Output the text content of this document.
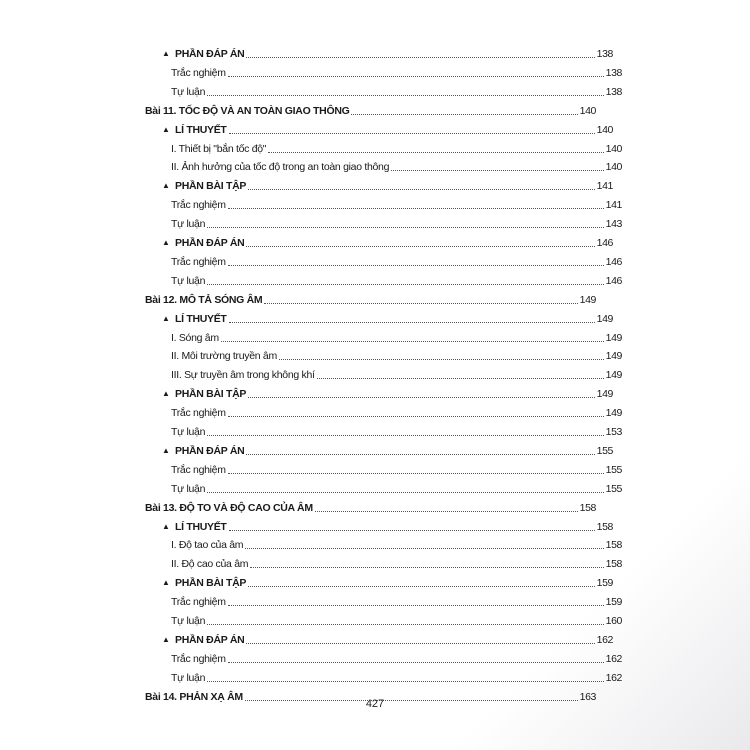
▲ PHẦN ĐÁP ÁN	138
Trắc nghiệm	138
Tự luận	138
Bài 11. TỐC ĐỘ VÀ AN TOÀN GIAO THÔNG	140
▲ LÍ THUYẾT	140
I. Thiết bị "bắn tốc độ"	140
II. Ảnh hưởng của tốc độ trong an toàn giao thông	140
▲ PHẦN BÀI TẬP	141
Trắc nghiệm	141
Tự luận	143
▲ PHẦN ĐÁP ÁN	146
Trắc nghiệm	146
Tự luận	146
Bài 12. MÔ TẢ SÓNG ÂM	149
▲ LÍ THUYẾT	149
I. Sóng âm	149
II. Môi trường truyền âm	149
III. Sự truyền âm trong không khí	149
▲ PHẦN BÀI TẬP	149
Trắc nghiệm	149
Tự luận	153
▲ PHẦN ĐÁP ÁN	155
Trắc nghiệm	155
Tự luận	155
Bài 13. ĐỘ TO VÀ ĐỘ CAO CỦA ÂM	158
▲ LÍ THUYẾT	158
I. Độ tao của âm	158
II. Độ cao của âm	158
▲ PHẦN BÀI TẬP	159
Trắc nghiệm	159
Tự luận	160
▲ PHẦN ĐÁP ÁN	162
Trắc nghiệm	162
Tự luận	162
Bài 14. PHẢN XẠ ÂM	163
427
